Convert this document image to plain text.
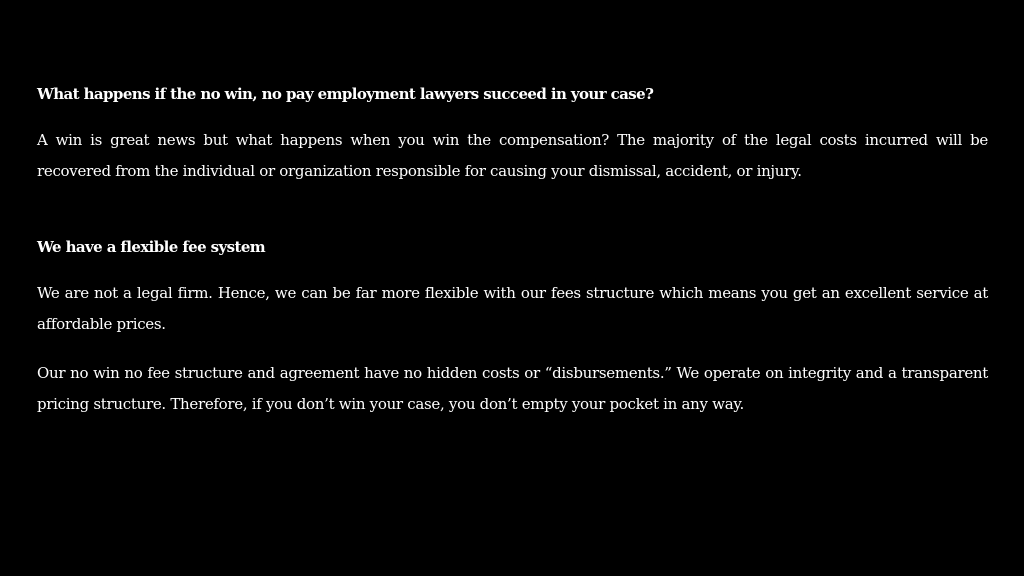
What happens if the no win, no pay employment lawyers succeed in your case?

A win is great news but what happens when you win the compensation? The majority of the legal costs incurred will be recovered from the individual or organization responsible for causing your dismissal, accident, or injury.

We have a flexible fee system

We are not a legal firm. Hence, we can be far more flexible with our fees structure which means you get an excellent service at affordable prices.

Our no win no fee structure and agreement have no hidden costs or “disbursements.” We operate on integrity and a transparent pricing structure. Therefore, if you don’t win your case, you don’t empty your pocket in any way.
